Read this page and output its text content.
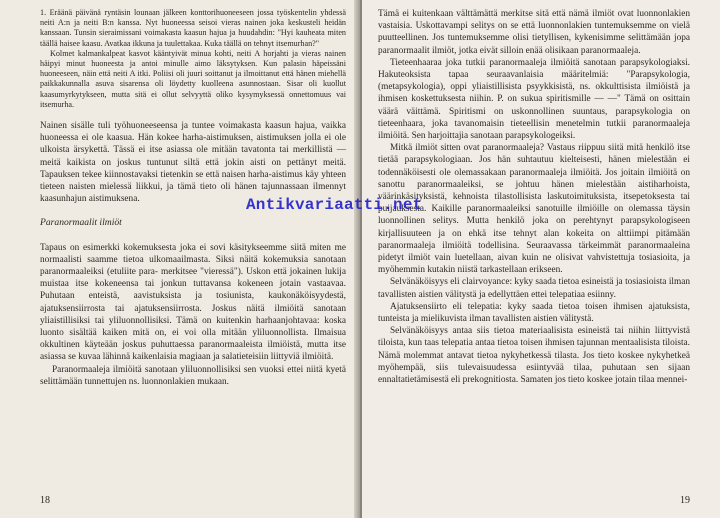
1. Eräänä päivänä ryntäsin lounaan jälkeen konttorihuoneeseen jossa työskentelin yhdessä neiti A:n ja neiti B:n kanssa. Nyt huoneessa seisoi vieras nainen joka keskusteli heidän kanssaan. Tunsin sieraimissani voimakasta kaasun hajua ja huudahdin: "Hyi kauheata miten täällä haisee kaasu. Avatkaa ikkuna ja tuulettakaa. Kuka täällä on tehnyt itsemurhan?"

Kolmet kalmankalpeat kasvot kääntyivät minua kohti, neiti A horjahti ja vieras nainen häipyi minut huoneesta ja antoi minulle aimo läksytyksen. Kun palasin häpeissäni huoneeseen, näin että neiti A itki. Poliisi oli juuri soittanut ja ilmoittanut että hänen miehellä paikkakunnalla asuva sisarensa oli löydetty kuolleena asunnostaan. Sisar oli kuollut kaasumyrkytykseen, mutta sitä ei ollut selvyyttä oliko kysymyksessä onnettomuus vai itsemurha.

Nainen sisälle tuli työhuoneeseensa ja tuntee voimakasta kaasun hajua, vaikka huoneessa ei ole kaasua. Hän kokee harha-aistimuksen, aistimuksen jolla ei ole ulkoista ärsykettä. Tässä ei itse asiassa ole mitään tavatonta tai merkillistä — meitä kaikista on joskus tuntunut siltä että jokin aisti on pettänyt meitä. Tapauksen tekee kiinnostavaksi tietenkin se että naisen harha-aistimus käy yhteen tieteen naisten mielessä liikkui, ja tämä tieto oli hänen tajunnassaan ilmennyt kaasunhajun aistimuksena.

Paranormaalit ilmiöt

Tapaus on esimerkki kokemuksesta joka ei sovi käsitykseemme siitä miten me normaalisti saamme tietoa ulkomaailmasta. Siksi näitä kokemuksia sanotaan paranormaaleiksi (etuliite para- merkitsee "vieressä"). Uskon että jokainen lukija muistaa itse kokeneensa tai jonkun tuttavansa kokeneen jotain vastaavaa. Puhutaan enteistä, aavistuksista ja tosiunista, kaukonäköisyydestä, ajatuksensiirrosta tai ajatuksensiirrosta. Joskus näitä ilmiöitä sanotaan yliaistillisiksi tai yliluonnollisiksi. Tämä on kuitenkin harhaanjohtavaa: koska luonto sisältää kaiken mitä on, ei voi olla mitään yliluonnollista. Ilmaisua okkultinen käyteään joskus puhuttaessa paranormaaleista ilmiöistä, mutta itse asiassa se kuvaa lähinnä kaikenlaisia magiaan ja salatieteisiin liittyviä ilmiöitä.

Paranormaaleja ilmiöitä sanotaan yliluonnollisiksi sen vuoksi ettei niitä kyetä selittämään tunnettujen ns. luonnonlakien mukaan.

18

Tämä ei kuitenkaan välttämättä merkitse sitä että nämä ilmiöt ovat luonnonlakien vastaisia. Uskottavampi selitys on se että luonnonlakien tuntemuksemme on vielä puutteellinen. Jos tuntemuksemme olisi tietyllisen, kykenisimme selittämään jopa paranormaalit ilmiöt, jotka eivät silloin enää olisikaan paranormaaleja.

Tieteenhaaraa joka tutkii paranormaaleja ilmiöitä sanotaan parapsykologiaksi. Hakuteoksista tapaa seuraavanlaisia määritelmiä: "Parapsykologia, (metapsykologia), oppi yliaistillisista psyykkisistä, ns. okkulttisista ilmiöistä ja ihmisen koskettuksesta niihin. P. on sukua spiritismille — —" Tämä on osittain väärä väittämä. Spiritismi on uskonnollinen suuntaus, parapsykologia on tieteenhaara, joka tavanomaisin tieteellisin menetelmin tutkii paranormaaleja ilmiöitä. Sen harjoittajia sanotaan parapsykologeiksi.

Mitkä ilmiöt sitten ovat paranormaaleja? Vastaus riippuu siitä mitä henkilö itse tietää parapsykologiaan. Jos hän suhtautuu kielteisesti, hänen mielestään ei todennäköisesti ole olemassakaan paranormaaleja ilmiöitä. Jos joitain ilmiöitä on sanottu paranormaaleiksi, se johtuu hänen mielestään aistiharhoista, väärinkäsityksistä, kehnoista tilastollisista laskutoimituksista, itsepetoksesta tai puijauksesta. Kaikille paranormaaleiksi sanotuille ilmiöille on olemassa täysin luonnollinen selitys. Mutta henkilö joka on perehtynyt parapsykologiseen kirjallisuuteen ja on ehkä itse tehnyt alan kokeita on alttiimpi pitämään paranormaaleja ilmiöitä todellisina. Seuraavassa tärkeimmät paranormaaleina pidetyt ilmiöt vain luetellaan, aivan kuin ne olisivat vahvistettuja tosiasioita, ja myöhemmin kutakin niistä tarkastellaan erikseen.

Selvänäköisyys eli clairvoyance: kyky saada tietoa esineistä ja tosiasioista ilman tavallisten aistien välitystä ja edellyttäen ettei telepatiaa esiinny.

Ajatuksensiirto eli telepatia: kyky saada tietoa toisen ihmisen ajatuksista, tunteista ja mielikuvista ilman tavallisten aistien välitystä.

Selvänäköisyys antaa siis tietoa materiaalisista esineistä tai niihin liittyvistä tiloista, kun taas telepatia antaa tietoa toisen ihmisen tajunnan mentaalisista tiloista. Nämä molemmat antavat tietoa nykyhetkessä tilasta. Jos tieto koskee nykyhetkeä myöhempää, siis tulevaisuudessa esiintyvää tilaa, puhutaan sen sijaan ennaltatietämisestä eli prekognitiosta. Samaten jos tieto koskee jotain tilaa mennei-

19
Antikvariaatti.net
